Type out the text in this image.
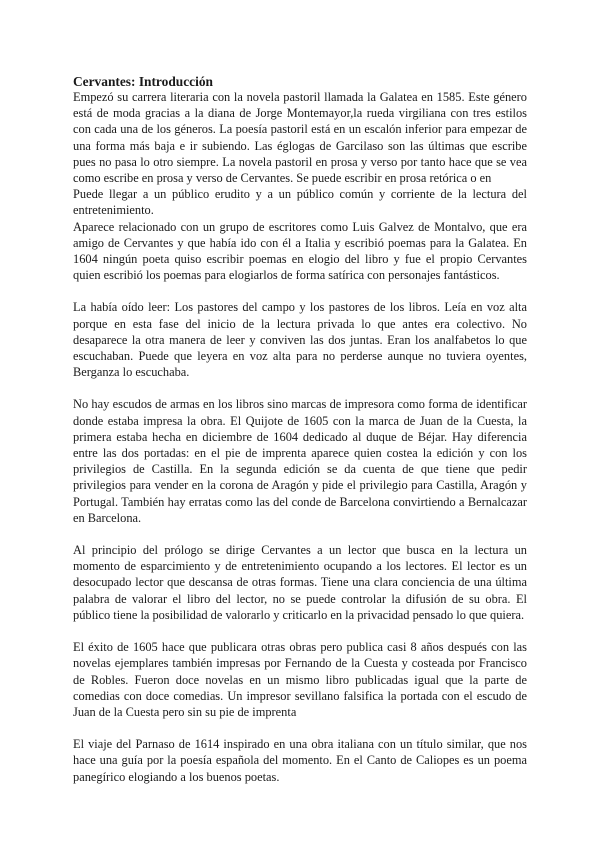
Cervantes: Introducción

Empezó su carrera literaria con la novela pastoril llamada la Galatea en 1585. Este género está de moda gracias a la diana de Jorge Montemayor,la rueda virgiliana con tres estilos con cada una de los géneros. La poesía pastoril está en un escalón inferior para empezar de una forma más baja e ir subiendo. Las églogas de Garcilaso son las últimas que escribe pues no pasa lo otro siempre. La novela pastoril en prosa y verso por tanto hace que se vea como escribe en prosa y verso de Cervantes. Se puede escribir en prosa retórica o en

Puede llegar a un público erudito y a un público común y corriente de la lectura del entretenimiento.

Aparece relacionado con un grupo de escritores como Luis Galvez de Montalvo, que era amigo de Cervantes y que había ido con él a Italia y escribió poemas para la Galatea. En 1604 ningún poeta quiso escribir poemas en elogio del libro y fue el propio Cervantes quien escribió los poemas para elogiarlos de forma satírica con personajes fantásticos.

La había oído leer: Los pastores del campo y los pastores de los libros. Leía en voz alta porque en esta fase del inicio de la lectura privada lo que antes era colectivo. No desaparece la otra manera de leer y conviven las dos juntas. Eran los analfabetos lo que escuchaban. Puede que leyera en voz alta para no perderse aunque no tuviera oyentes, Berganza lo escuchaba.

No hay escudos de armas en los libros sino marcas de impresora como forma de identificar donde estaba impresa la obra. El Quijote de 1605 con la marca de Juan de la Cuesta, la primera estaba hecha en diciembre de 1604 dedicado al duque de Béjar. Hay diferencia entre las dos portadas: en el pie de imprenta aparece quien costea la edición y con los privilegios de Castilla. En la segunda edición se da cuenta de que tiene que pedir privilegios para vender en la corona de Aragón y pide el privilegio para Castilla, Aragón y Portugal. También hay erratas como las del conde de Barcelona convirtiendo a Bernalcazar en Barcelona.

Al principio del prólogo se dirige Cervantes a un lector que busca en la lectura un momento de esparcimiento y de entretenimiento ocupando a los lectores. El lector es un desocupado lector que descansa de otras formas. Tiene una clara conciencia de una última palabra de valorar el libro del lector, no se puede controlar la difusión de su obra. El público tiene la posibilidad de valorarlo y criticarlo en la privacidad pensado lo que quiera.

El éxito de 1605 hace que publicara otras obras pero publica casi 8 años después con las novelas ejemplares también impresas por Fernando de la Cuesta y costeada por Francisco de Robles. Fueron doce novelas en un mismo libro publicadas igual que la parte de comedias con doce comedias. Un impresor sevillano falsifica la portada con el escudo de Juan de la Cuesta pero sin su pie de imprenta

El viaje del Parnaso de 1614 inspirado en una obra italiana con un título similar, que nos hace una guía por la poesía española del momento. En el Canto de Caliopes es un poema panegírico elogiando a los buenos poetas.
